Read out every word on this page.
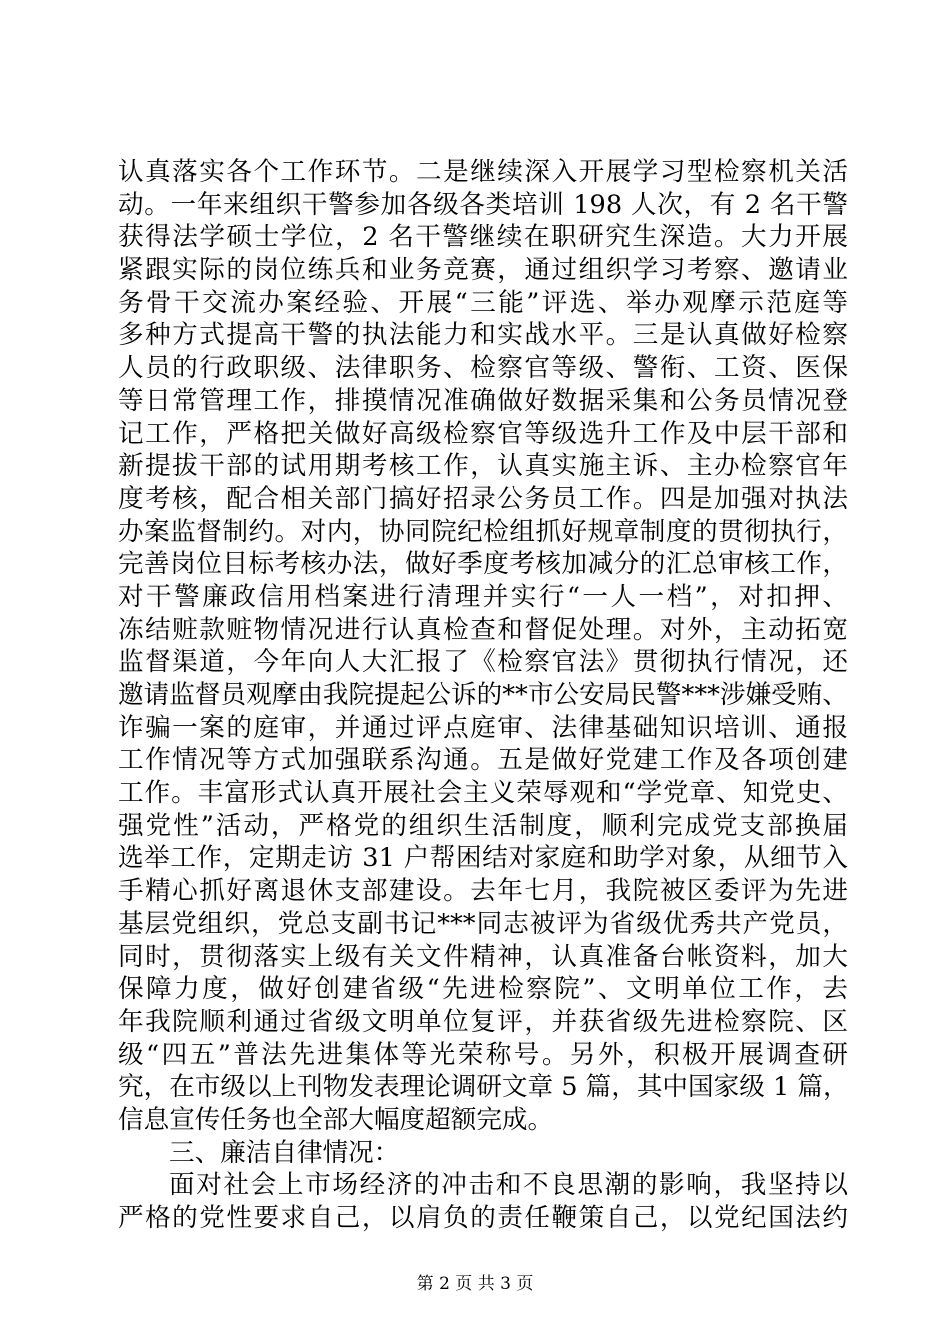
认真落实各个工作环节。二是继续深入开展学习型检察机关活
动。一年来组织干警参加各级各类培训 198 人次，有 2 名干警
获得法学硕士学位，2 名干警继续在职研究生深造。大力开展
紧跟实际的岗位练兵和业务竞赛，通过组织学习考察、邀请业
务骨干交流办案经验、开展“三能”评选、举办观摩示范庭等
多种方式提高干警的执法能力和实战水平。三是认真做好检察
人员的行政职级、法律职务、检察官等级、警衔、工资、医保
等日常管理工作，排摸情况准确做好数据采集和公务员情况登
记工作，严格把关做好高级检察官等级选升工作及中层干部和
新提拔干部的试用期考核工作，认真实施主诉、主办检察官年
度考核，配合相关部门搞好招录公务员工作。四是加强对执法
办案监督制约。对内，协同院纪检组抓好规章制度的贯彻执行，
完善岗位目标考核办法，做好季度考核加减分的汇总审核工作，
对干警廉政信用档案进行清理并实行“一人一档”，对扣押、
冻结赃款赃物情况进行认真检查和督促处理。对外，主动拓宽
监督渠道，今年向人大汇报了《检察官法》贯彻执行情况，还
邀请监督员观摩由我院提起公诉的**市公安局民警***涉嫌受贿、
诈骗一案的庭审，并通过评点庭审、法律基础知识培训、通报
工作情况等方式加强联系沟通。五是做好党建工作及各项创建
工作。丰富形式认真开展社会主义荣辱观和“学党章、知党史、
强党性”活动，严格党的组织生活制度，顺利完成党支部换届
选举工作，定期走访 31 户帮困结对家庭和助学对象，从细节入
手精心抓好离退休支部建设。去年七月，我院被区委评为先进
基层党组织，党总支副书记***同志被评为省级优秀共产党员，
同时，贯彻落实上级有关文件精神，认真准备台帐资料，加大
保障力度，做好创建省级“先进检察院”、文明单位工作，去
年我院顺利通过省级文明单位复评，并获省级先进检察院、区
级“四五”普法先进集体等光荣称号。另外，积极开展调查研
究，在市级以上刊物发表理论调研文章 5 篇，其中国家级 1 篇，
信息宣传任务也全部大幅度超额完成。
三、廉洁自律情况：
面对社会上市场经济的冲击和不良思潮的影响，我坚持以
严格的党性要求自己，以肩负的责任鞭策自己，以党纪国法约
第 2 页 共 3 页
